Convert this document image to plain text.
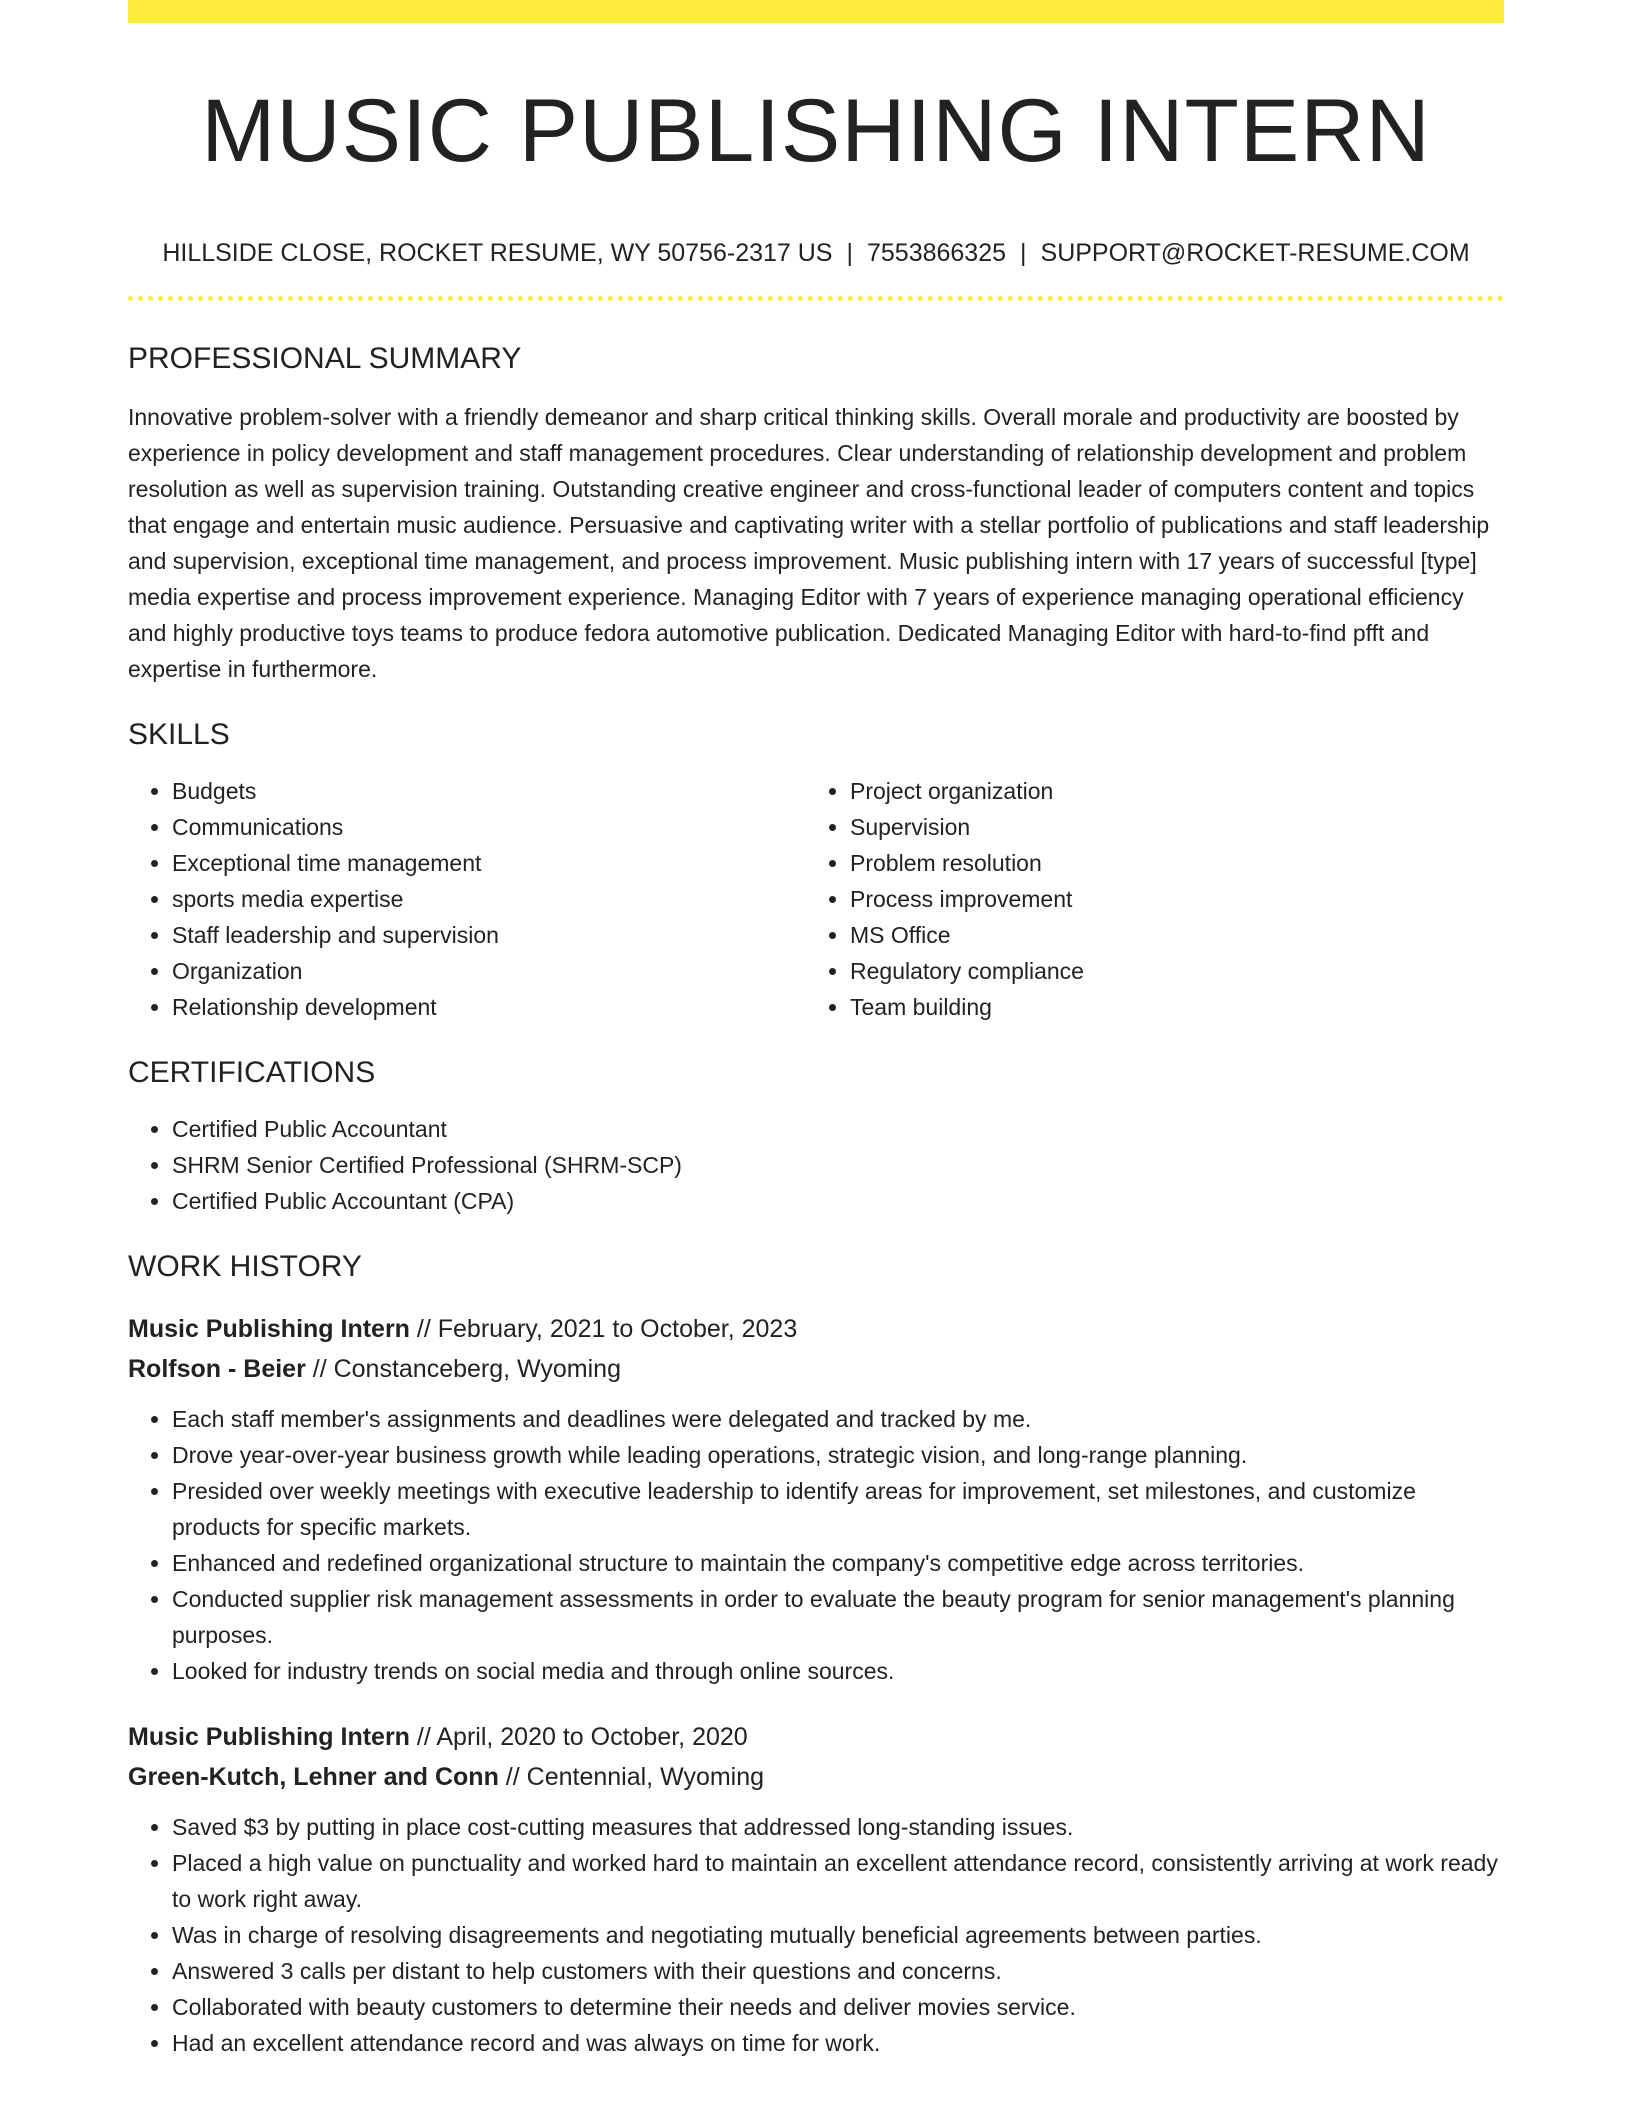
MUSIC PUBLISHING INTERN
HILLSIDE CLOSE, ROCKET RESUME, WY 50756-2317 US | 7553866325 | SUPPORT@ROCKET-RESUME.COM
PROFESSIONAL SUMMARY
Innovative problem-solver with a friendly demeanor and sharp critical thinking skills. Overall morale and productivity are boosted by experience in policy development and staff management procedures. Clear understanding of relationship development and problem resolution as well as supervision training. Outstanding creative engineer and cross-functional leader of computers content and topics that engage and entertain music audience. Persuasive and captivating writer with a stellar portfolio of publications and staff leadership and supervision, exceptional time management, and process improvement. Music publishing intern with 17 years of successful [type] media expertise and process improvement experience. Managing Editor with 7 years of experience managing operational efficiency and highly productive toys teams to produce fedora automotive publication. Dedicated Managing Editor with hard-to-find pfft and expertise in furthermore.
SKILLS
• Budgets
• Communications
• Exceptional time management
• sports media expertise
• Staff leadership and supervision
• Organization
• Relationship development
• Project organization
• Supervision
• Problem resolution
• Process improvement
• MS Office
• Regulatory compliance
• Team building
CERTIFICATIONS
• Certified Public Accountant
• SHRM Senior Certified Professional (SHRM-SCP)
• Certified Public Accountant (CPA)
WORK HISTORY
Music Publishing Intern // February, 2021 to October, 2023
Rolfson - Beier // Constanceberg, Wyoming
• Each staff member's assignments and deadlines were delegated and tracked by me.
• Drove year-over-year business growth while leading operations, strategic vision, and long-range planning.
• Presided over weekly meetings with executive leadership to identify areas for improvement, set milestones, and customize products for specific markets.
• Enhanced and redefined organizational structure to maintain the company's competitive edge across territories.
• Conducted supplier risk management assessments in order to evaluate the beauty program for senior management's planning purposes.
• Looked for industry trends on social media and through online sources.
Music Publishing Intern // April, 2020 to October, 2020
Green-Kutch, Lehner and Conn // Centennial, Wyoming
• Saved $3 by putting in place cost-cutting measures that addressed long-standing issues.
• Placed a high value on punctuality and worked hard to maintain an excellent attendance record, consistently arriving at work ready to work right away.
• Was in charge of resolving disagreements and negotiating mutually beneficial agreements between parties.
• Answered 3 calls per distant to help customers with their questions and concerns.
• Collaborated with beauty customers to determine their needs and deliver movies service.
• Had an excellent attendance record and was always on time for work.
